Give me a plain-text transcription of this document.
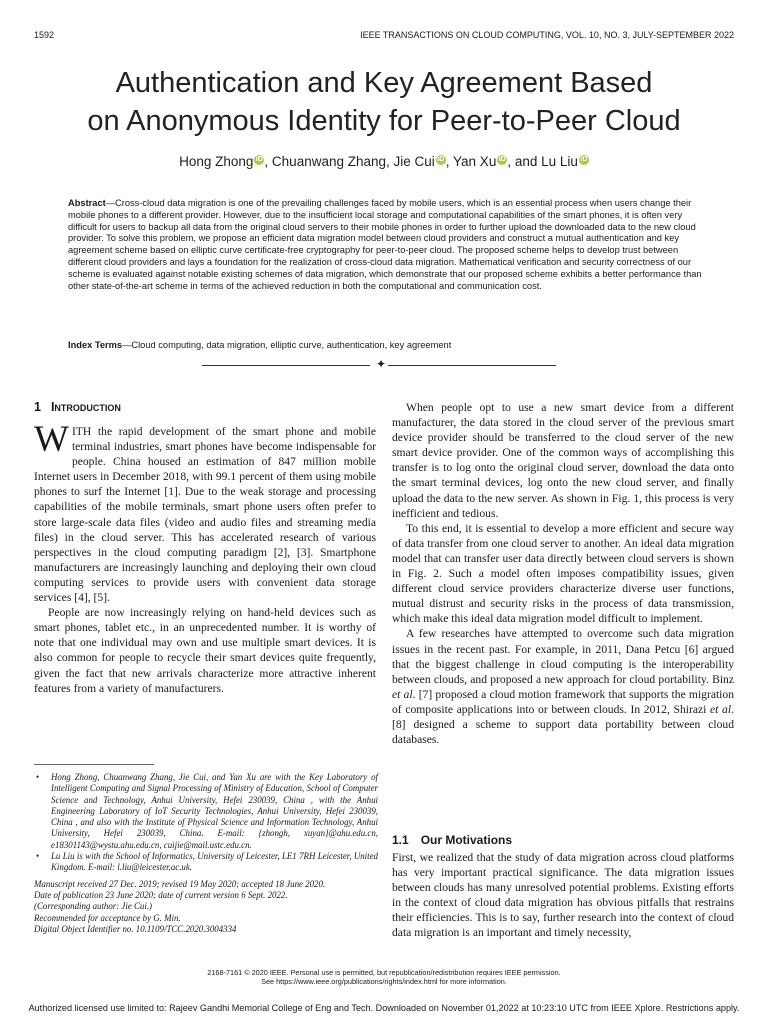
1592	IEEE TRANSACTIONS ON CLOUD COMPUTING, VOL. 10, NO. 3, JULY-SEPTEMBER 2022
Authentication and Key Agreement Based
on Anonymous Identity for Peer-to-Peer Cloud
Hong Zhong iD , Chuanwang Zhang, Jie Cui iD , Yan Xu iD , and Lu Liu iD

Abstract—Cross-cloud data migration is one of the prevailing challenges faced by mobile users, which is an essential process when users change their mobile phones to a different provider. However, due to the insufficient local storage and computational capabilities of the smart phones, it is often very difficult for users to backup all data from the original cloud servers to their mobile phones in order to further upload the downloaded data to the new cloud provider. To solve this problem, we propose an efficient data migration model between cloud providers and construct a mutual authentication and key agreement scheme based on elliptic curve certificate-free cryptography for peer-to-peer cloud. The proposed scheme helps to develop trust between different cloud providers and lays a foundation for the realization of cross-cloud data migration. Mathematical verification and security correctness of our scheme is evaluated against notable existing schemes of data migration, which demonstrate that our proposed scheme exhibits a better performance than other state-of-the-art scheme in terms of the achieved reduction in both the computational and communication cost.

Index Terms—Cloud computing, data migration, elliptic curve, authentication, key agreement

✦
1 Introduction

WITH the rapid development of the smart phone and mobile terminal industries, smart phones have become indispensable for people. China housed an estimation of 847 million mobile Internet users in December 2018, with 99.1 percent of them using mobile phones to surf the Internet [1]. Due to the weak storage and processing capabilities of the mobile terminals, smart phone users often prefer to store large-scale data files (video and audio files and streaming media files) in the cloud server. This has accelerated research of various perspectives in the cloud computing paradigm [2], [3]. Smartphone manufacturers are increasingly launching and deploying their own cloud computing services to provide users with convenient data storage services [4], [5].

People are now increasingly relying on hand-held devices such as smart phones, tablet etc., in an unprecedented number. It is worthy of note that one individual may own and use multiple smart devices. It is also common for people to recycle their smart devices quite frequently, given the fact that new arrivals characterize more attractive inherent features from a variety of manufacturers.

• Hong Zhong, Chuanwang Zhang, Jie Cui, and Yan Xu are with the Key Laboratory of Intelligent Computing and Signal Processing of Ministry of Education, School of Computer Science and Technology, Anhui University, Hefei 230039, China , with the Anhui Engineering Laboratory of IoT Security Technologies, Anhui University, Hefei 230039, China , and also with the Institute of Physical Science and Information Technology, Anhui University, Hefei 230039, China. E-mail: {zhongh, xuyan}@ahu.edu.cn, e18301143@wystu.ahu.edu.cn, cuijie@mail.ustc.edu.cn.
• Lu Liu is with the School of Informatics, University of Leicester, LE1 7RH Leicester, United Kingdom. E-mail: l.liu@leicester.ac.uk.
Manuscript received 27 Dec. 2019; revised 19 May 2020; accepted 18 June 2020.
Date of publication 23 June 2020; date of current version 6 Sept. 2022.
(Corresponding author: Jie Cui.)
Recommended for acceptance by G. Min.
Digital Object Identifier no. 10.1109/TCC.2020.3004334

When people opt to use a new smart device from a different manufacturer, the data stored in the cloud server of the previous smart device provider should be transferred to the cloud server of the new smart device provider. One of the common ways of accomplishing this transfer is to log onto the original cloud server, download the data onto the smart terminal devices, log onto the new cloud server, and finally upload the data to the new server. As shown in Fig. 1, this process is very inefficient and tedious.

To this end, it is essential to develop a more efficient and secure way of data transfer from one cloud server to another. An ideal data migration model that can transfer user data directly between cloud servers is shown in Fig. 2. Such a model often imposes compatibility issues, given different cloud service providers characterize diverse user functions, mutual distrust and security risks in the process of data transmission, which make this ideal data migration model difficult to implement.

A few researches have attempted to overcome such data migration issues in the recent past. For example, in 2011, Dana Petcu [6] argued that the biggest challenge in cloud computing is the interoperability between clouds, and proposed a new approach for cloud portability. Binz et al. [7] proposed a cloud motion framework that supports the migration of composite applications into or between clouds. In 2012, Shirazi et al. [8] designed a scheme to support data portability between cloud databases.

1.1 Our Motivations

First, we realized that the study of data migration across cloud platforms has very important practical significance. The data migration issues between clouds has many unresolved potential problems. Existing efforts in the context of cloud data migration has obvious pitfalls that restrains their efficiencies. This is to say, further research into the context of cloud data migration is an important and timely necessity,

2168-7161 © 2020 IEEE. Personal use is permitted, but republication/redistribution requires IEEE permission.
See https://www.ieee.org/publications/rights/index.html for more information.
Authorized licensed use limited to: Rajeev Gandhi Memorial College of Eng and Tech. Downloaded on November 01,2022 at 10:23:10 UTC from IEEE Xplore. Restrictions apply.
